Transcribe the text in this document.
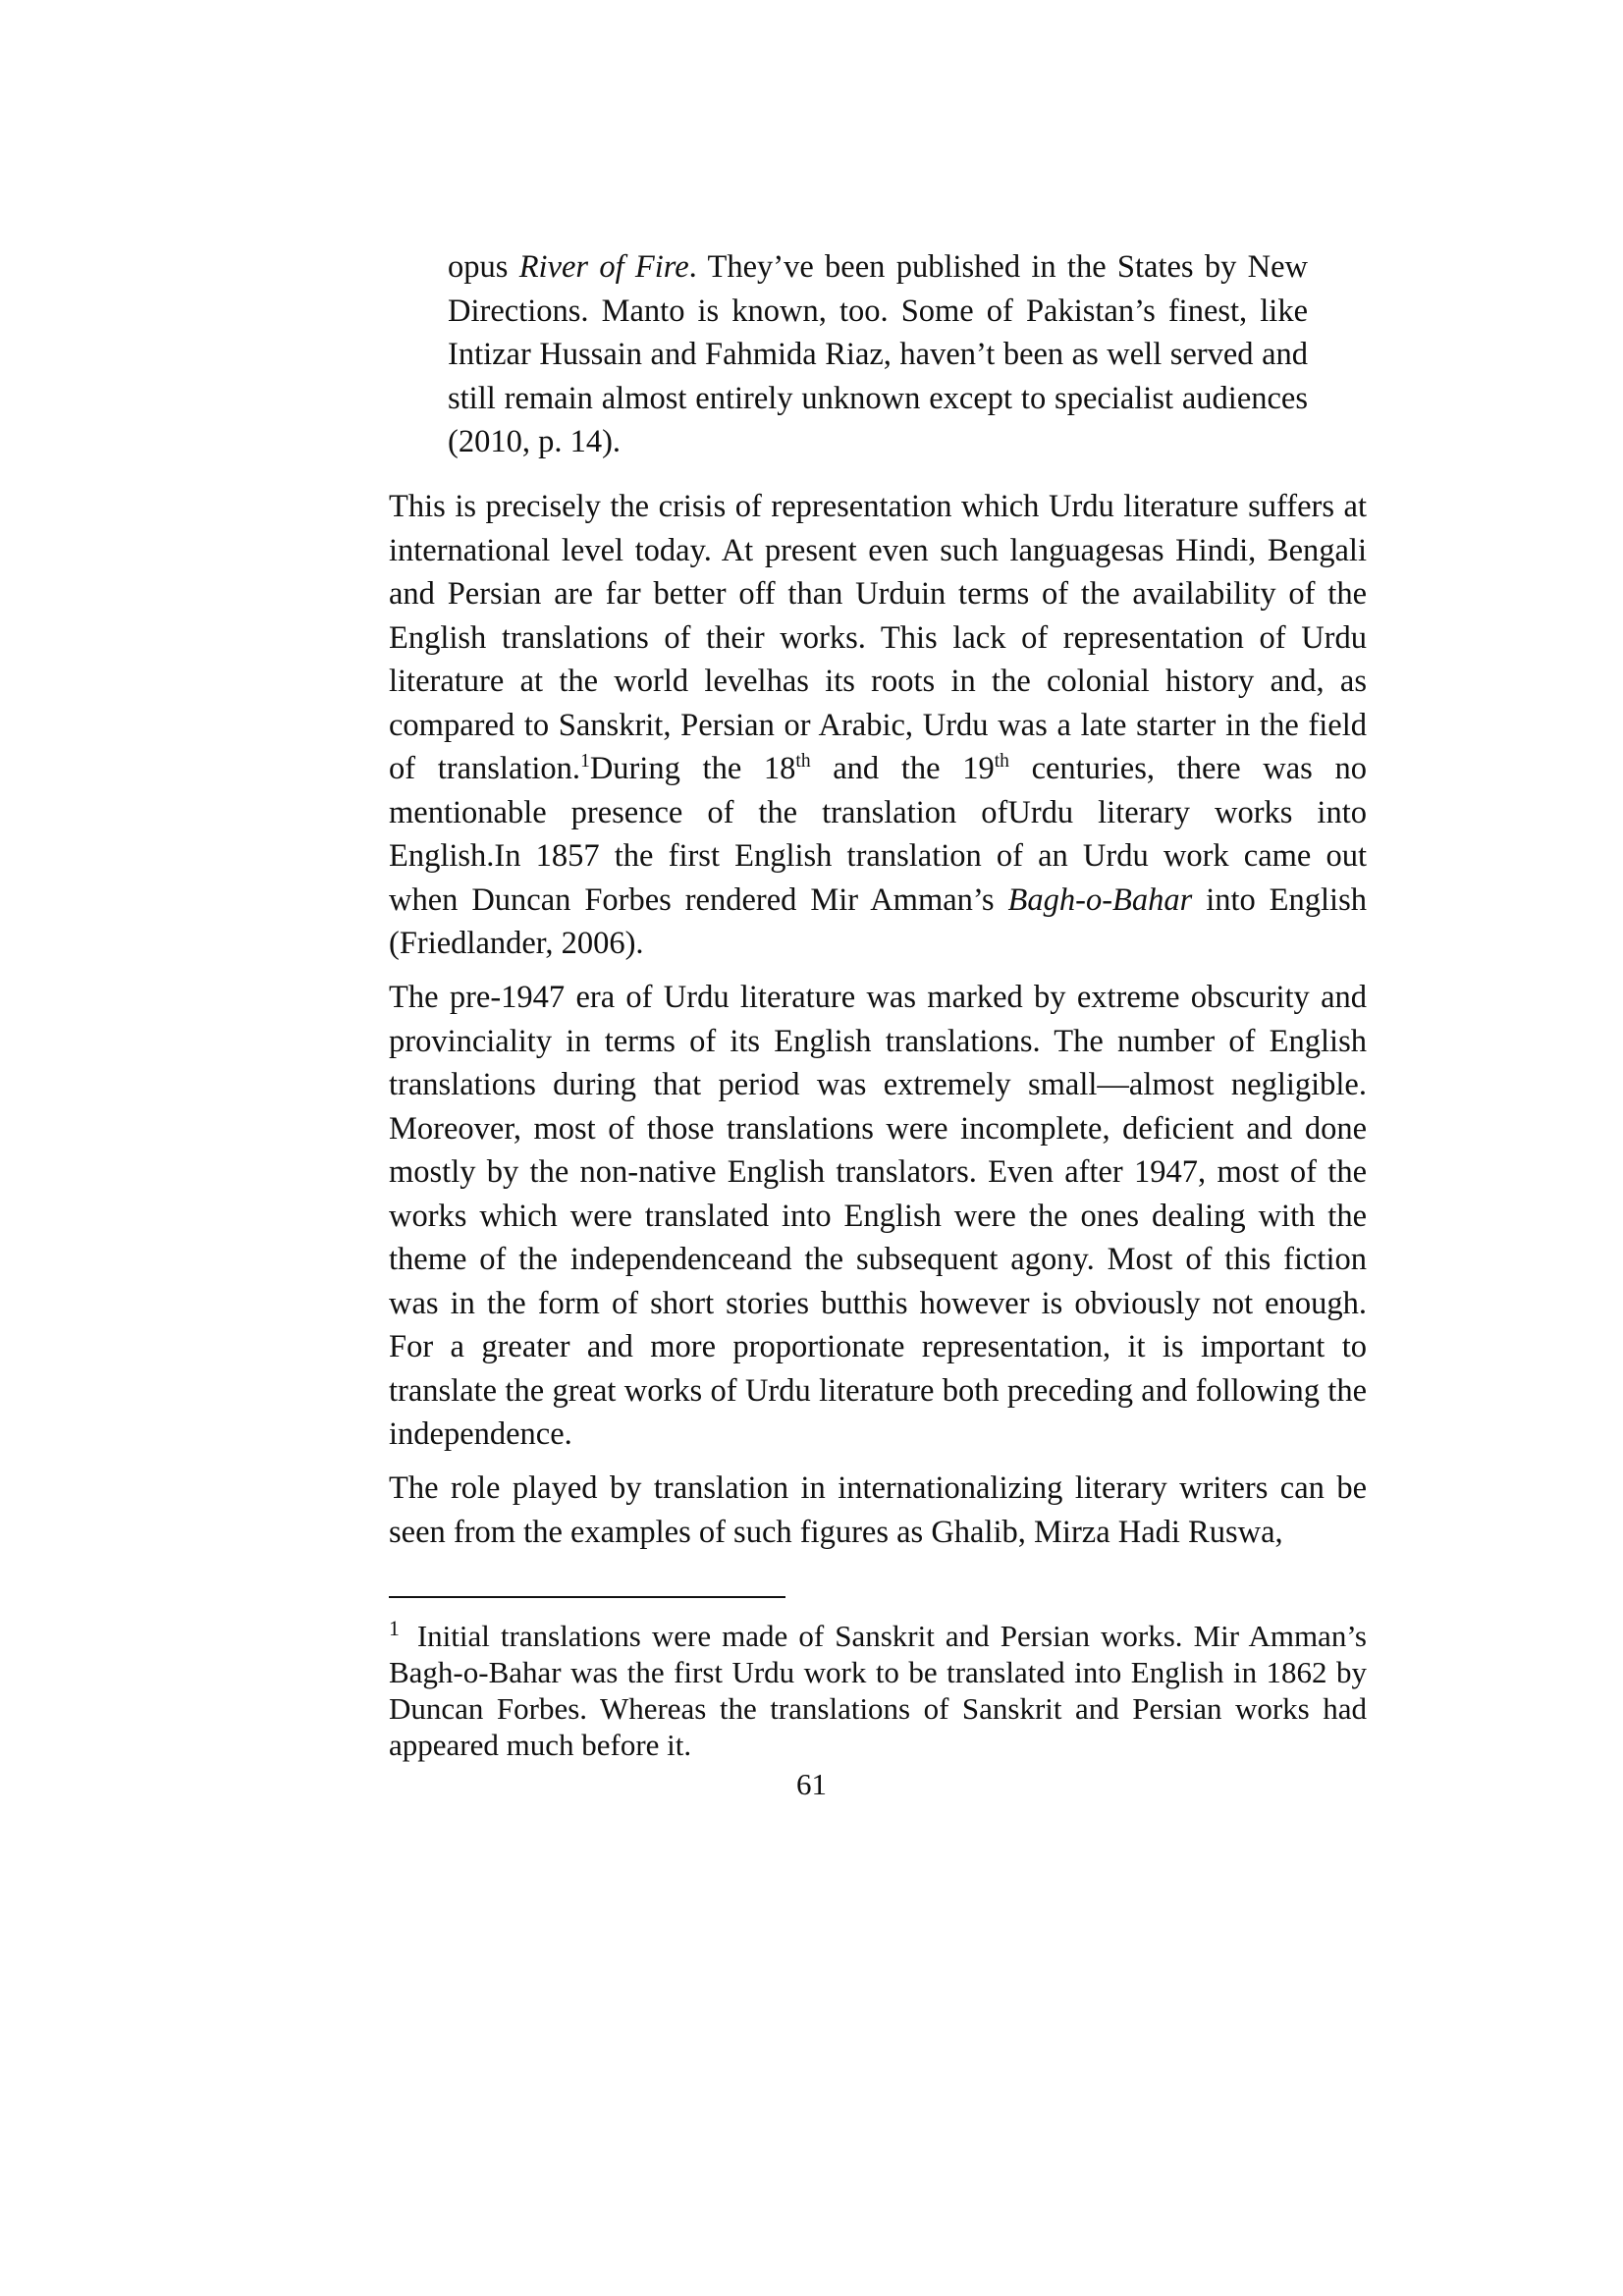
opus River of Fire. They’ve been published in the States by New Directions. Manto is known, too. Some of Pakistan’s finest, like Intizar Hussain and Fahmida Riaz, haven’t been as well served and still remain almost entirely unknown except to specialist audiences (2010, p. 14).

This is precisely the crisis of representation which Urdu literature suffers at international level today. At present even such languagesas Hindi, Bengali and Persian are far better off than Urduin terms of the availability of the English translations of their works. This lack of representation of Urdu literature at the world levelhas its roots in the colonial history and, as compared to Sanskrit, Persian or Arabic, Urdu was a late starter in the field of translation.$^1$During the 18th and the 19th centuries, there was no mentionable presence of the translation ofUrdu literary works into English.In 1857 the first English translation of an Urdu work came out when Duncan Forbes rendered Mir Amman’s Bagh-o-Bahar into English (Friedlander, 2006).

The pre-1947 era of Urdu literature was marked by extreme obscurity and provinciality in terms of its English translations. The number of English translations during that period was extremely small—almost negligible. Moreover, most of those translations were incomplete, deficient and done mostly by the non-native English translators. Even after 1947, most of the works which were translated into English were the ones dealing with the theme of the independenceand the subsequent agony. Most of this fiction was in the form of short stories butthis however is obviously not enough. For a greater and more proportionate representation, it is important to translate the great works of Urdu literature both preceding and following the independence.

The role played by translation in internationalizing literary writers can be seen from the examples of such figures as Ghalib, Mirza Hadi Ruswa,

$^1$ Initial translations were made of Sanskrit and Persian works. Mir Amman’s Bagh-o-Bahar was the first Urdu work to be translated into English in 1862 by Duncan Forbes. Whereas the translations of Sanskrit and Persian works had appeared much before it.

61
